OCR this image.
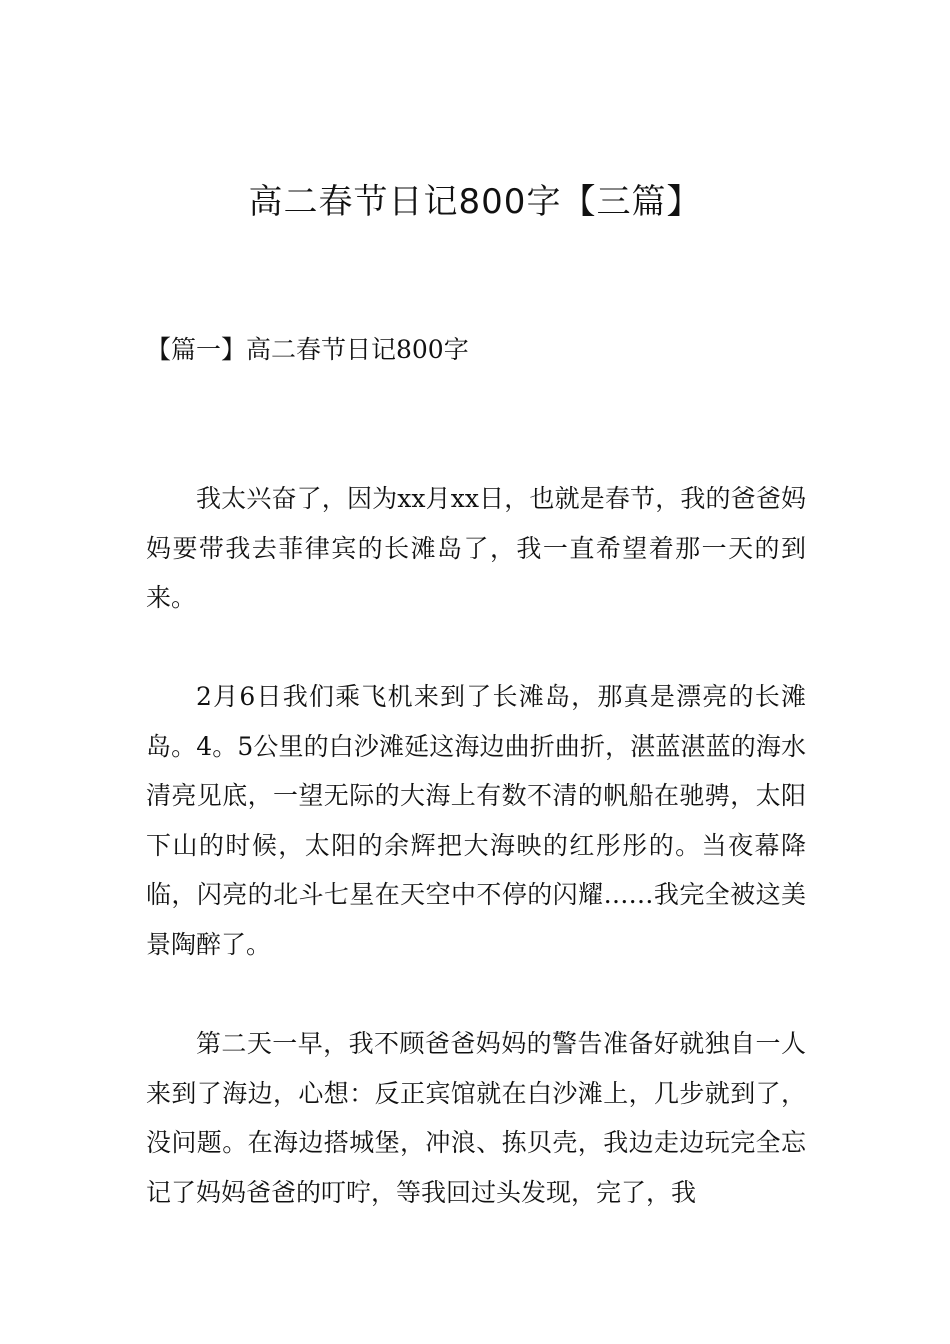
高二春节日记800字【三篇】
【篇一】高二春节日记800字

我太兴奋了，因为xx月xx日，也就是春节，我的爸爸妈妈要带我去菲律宾的长滩岛了，我一直希望着那一天的到来。

2月6日我们乘飞机来到了长滩岛，那真是漂亮的长滩岛。4。5公里的白沙滩延这海边曲折曲折，湛蓝湛蓝的海水清亮见底，一望无际的大海上有数不清的帆船在驰骋，太阳下山的时候，太阳的余辉把大海映的红彤彤的。当夜幕降临，闪亮的北斗七星在天空中不停的闪耀……我完全被这美景陶醉了。

第二天一早，我不顾爸爸妈妈的警告准备好就独自一人来到了海边，心想：反正宾馆就在白沙滩上，几步就到了，没问题。在海边搭城堡，冲浪、拣贝壳，我边走边玩完全忘记了妈妈爸爸的叮咛，等我回过头发现，完了，我
